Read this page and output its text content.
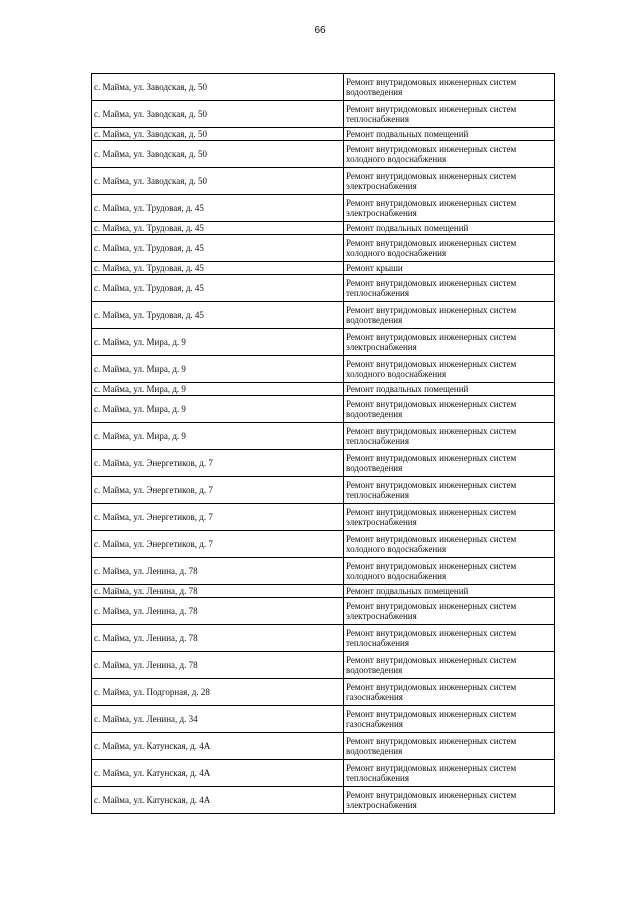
66
с. Майма, ул. Заводская, д. 50	Ремонт внутридомовых инженерных систем водоотведения
с. Майма, ул. Заводская, д. 50	Ремонт внутридомовых инженерных систем теплоснабжения
с. Майма, ул. Заводская, д. 50	Ремонт подвальных помещений
с. Майма, ул. Заводская, д. 50	Ремонт внутридомовых инженерных систем холодного водоснабжения
с. Майма, ул. Заводская, д. 50	Ремонт внутридомовых инженерных систем электроснабжения
с. Майма, ул. Трудовая, д. 45	Ремонт внутридомовых инженерных систем электроснабжения
с. Майма, ул. Трудовая, д. 45	Ремонт подвальных помещений
с. Майма, ул. Трудовая, д. 45	Ремонт внутридомовых инженерных систем холодного водоснабжения
с. Майма, ул. Трудовая, д. 45	Ремонт крыши
с. Майма, ул. Трудовая, д. 45	Ремонт внутридомовых инженерных систем теплоснабжения
с. Майма, ул. Трудовая, д. 45	Ремонт внутридомовых инженерных систем водоотведения
с. Майма, ул. Мира, д. 9	Ремонт внутридомовых инженерных систем электроснабжения
с. Майма, ул. Мира, д. 9	Ремонт внутридомовых инженерных систем холодного водоснабжения
с. Майма, ул. Мира, д. 9	Ремонт подвальных помещений
с. Майма, ул. Мира, д. 9	Ремонт внутридомовых инженерных систем водоотведения
с. Майма, ул. Мира, д. 9	Ремонт внутридомовых инженерных систем теплоснабжения
с. Майма, ул. Энергетиков, д. 7	Ремонт внутридомовых инженерных систем водоотведения
с. Майма, ул. Энергетиков, д. 7	Ремонт внутридомовых инженерных систем теплоснабжения
с. Майма, ул. Энергетиков, д. 7	Ремонт внутридомовых инженерных систем электроснабжения
с. Майма, ул. Энергетиков, д. 7	Ремонт внутридомовых инженерных систем холодного водоснабжения
с. Майма, ул. Ленина, д. 78	Ремонт внутридомовых инженерных систем холодного водоснабжения
с. Майма, ул. Ленина, д. 78	Ремонт подвальных помещений
с. Майма, ул. Ленина, д. 78	Ремонт внутридомовых инженерных систем электроснабжения
с. Майма, ул. Ленина, д. 78	Ремонт внутридомовых инженерных систем теплоснабжения
с. Майма, ул. Ленина, д. 78	Ремонт внутридомовых инженерных систем водоотведения
с. Майма, ул. Подгорная, д. 28	Ремонт внутридомовых инженерных систем газоснабжения
с. Майма, ул. Ленина, д. 34	Ремонт внутридомовых инженерных систем газоснабжения
с. Майма, ул. Катунская, д. 4А	Ремонт внутридомовых инженерных систем водоотведения
с. Майма, ул. Катунская, д. 4А	Ремонт внутридомовых инженерных систем теплоснабжения
с. Майма, ул. Катунская, д. 4А	Ремонт внутридомовых инженерных систем электроснабжения
